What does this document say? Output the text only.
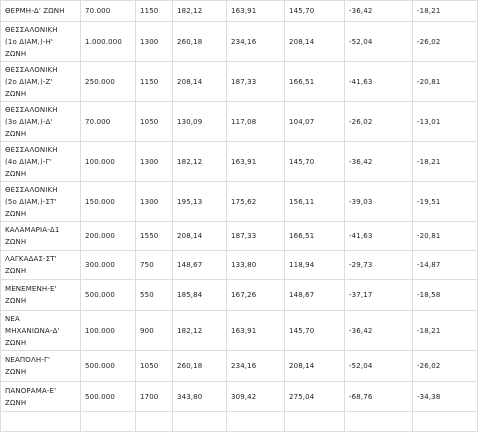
ΘΕΡΜΗ-Δ' ΖΩΝΗ	70.000	1150	182,12	163,91	145,70	-36,42	-18,21
ΘΕΣΣΑΛΟΝΙΚΗ
(1ο ΔΙΑΜ.)-Η'
ΖΩΝΗ
1.000.000	1300	260,18	234,16	208,14	-52,04	-26,02
ΘΕΣΣΑΛΟΝΙΚΗ
(2ο ΔΙΑΜ.)-Ζ'
ΖΩΝΗ
250.000	1150	208,14	187,33	166,51	-41,63	-20,81
ΘΕΣΣΑΛΟΝΙΚΗ
(3ο ΔΙΑΜ.)-Δ'
ΖΩΝΗ
70.000	1050	130,09	117,08	104,07	-26,02	-13,01
ΘΕΣΣΑΛΟΝΙΚΗ
(4ο ΔΙΑΜ.)-Γ'
ΖΩΝΗ
100.000	1300	182,12	163,91	145,70	-36,42	-18,21
ΘΕΣΣΑΛΟΝΙΚΗ
(5ο ΔΙΑΜ.)-ΣΤ'
ΖΩΝΗ
150.000	1300	195,13	175,62	156,11	-39,03	-19,51
ΚΑΛΑΜΑΡΙΑ-Δ1
ΖΩΝΗ
200.000	1550	208,14	187,33	166,51	-41,63	-20,81
ΛΑΓΚΑΔΑΣ-ΣΤ'
ΖΩΝΗ
300.000	750	148,67	133,80	118,94	-29,73	-14,87
ΜΕΝΕΜΕΝΗ-Ε'
ΖΩΝΗ
500.000	550	185,84	167,26	148,67	-37,17	-18,58
ΝΕΑ
ΜΗΧΑΝΙΩΝΑ-Δ'
ΖΩΝΗ
100.000	900	182,12	163,91	145,70	-36,42	-18,21
ΝΕΑΠΟΛΗ-Γ'
ΖΩΝΗ
500.000	1050	260,18	234,16	208,14	-52,04	-26,02
ΠΑΝΟΡΑΜΑ-Ε'
ΖΩΝΗ
500.000	1700	343,80	309,42	275,04	-68,76	-34,38
